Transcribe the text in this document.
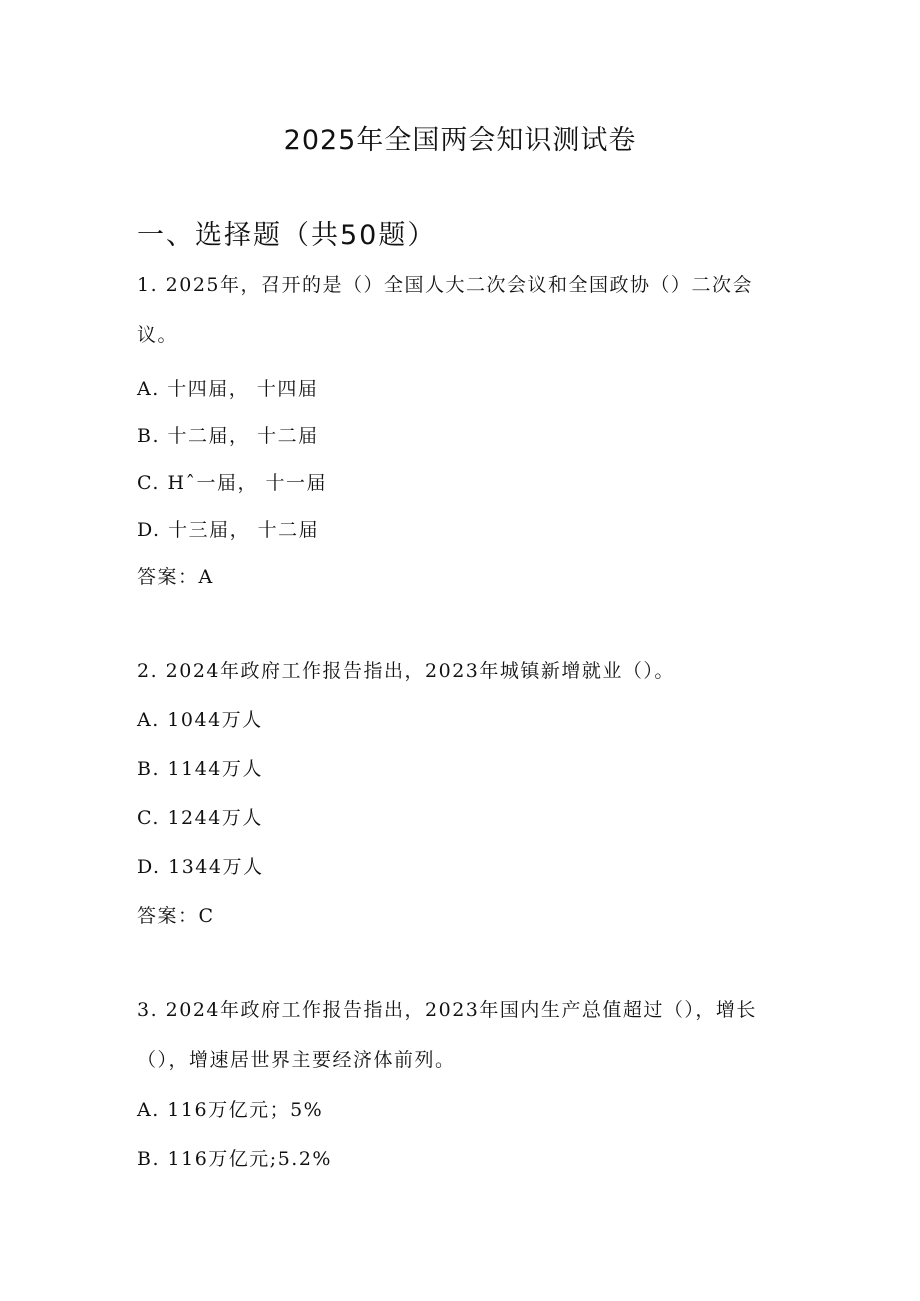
2025年全国两会知识测试卷
一、选择题（共50题）
1. 2025年，召开的是（）全国人大二次会议和全国政协（）二次会
议。
A. 十四届， 十四届
B. 十二届， 十二届
C. Hˆ一届， 十一届
D. 十三届， 十二届
答案：A
2. 2024年政府工作报告指出，2023年城镇新增就业（）。
A. 1044万人
B. 1144万人
C. 1244万人
D. 1344万人
答案：C
3. 2024年政府工作报告指出，2023年国内生产总值超过（），增长
（），增速居世界主要经济体前列。
A. 116万亿元；5%
B. 116万亿元;5.2%
